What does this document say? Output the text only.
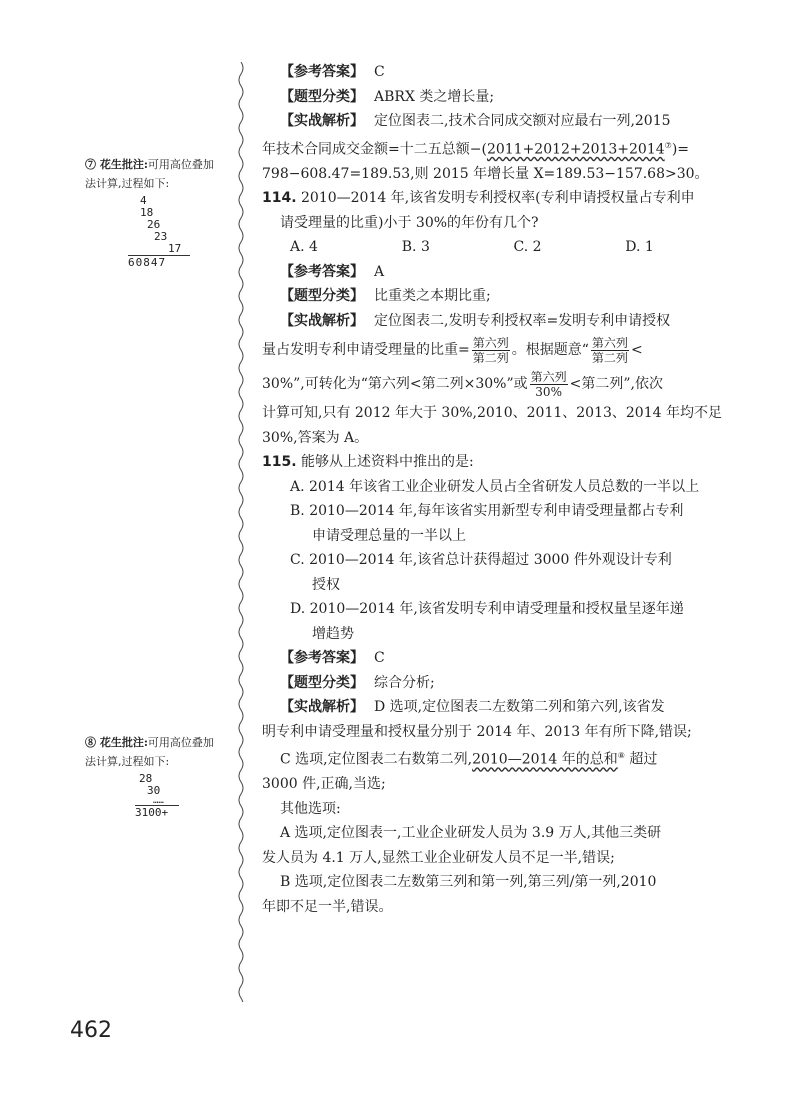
⑦ 花生批注:可用高位叠加
法计算,过程如下:
4
18
26
23
17
60847
⑧ 花生批注:可用高位叠加
法计算,过程如下:
28
30
……
3100+
【参考答案】 C
【题型分类】 ABRX 类之增长量;
【实战解析】 定位图表二,技术合同成交额对应最右一列,2015
年技术合同成交金额=十二五总额−(2011+2012+2013+2014⑦)=
798−608.47=189.53,则 2015 年增长量 X=189.53−157.68>30。
114. 2010—2014 年,该省发明专利授权率(专利申请授权量占专利申
请受理量的比重)小于 30%的年份有几个?
A. 4	B. 3	C. 2	D. 1
【参考答案】 A
【题型分类】 比重类之本期比重;
【实战解析】 定位图表二,发明专利授权率=发明专利申请授权
量占发明专利申请受理量的比重= $\frac{\text{第六列}}{\text{第二列}}$ 。根据题意“ $\frac{\text{第六列}}{\text{第二列}}$ <
30%”,可转化为“第六列<第二列×30%”或 $\frac{\text{第六列}}{30\%}$ <第二列”,依次
计算可知,只有 2012 年大于 30%,2010、2011、2013、2014 年均不足
30%,答案为 A。
115. 能够从上述资料中推出的是:
A. 2014 年该省工业企业研发人员占全省研发人员总数的一半以上
B. 2010—2014 年,每年该省实用新型专利申请受理量都占专利
申请受理总量的一半以上
C. 2010—2014 年,该省总计获得超过 3000 件外观设计专利
授权
D. 2010—2014 年,该省发明专利申请受理量和授权量呈逐年递
增趋势
【参考答案】 C
【题型分类】 综合分析;
【实战解析】 D 选项,定位图表二左数第二列和第六列,该省发
明专利申请受理量和授权量分别于 2014 年、2013 年有所下降,错误;
C 选项,定位图表二右数第二列,2010—2014 年的总和⑧ 超过
3000 件,正确,当选;
其他选项:
A 选项,定位图表一,工业企业研发人员为 3.9 万人,其他三类研
发人员为 4.1 万人,显然工业企业研发人员不足一半,错误;
B 选项,定位图表二左数第三列和第一列,第三列/第一列,2010
年即不足一半,错误。
462
